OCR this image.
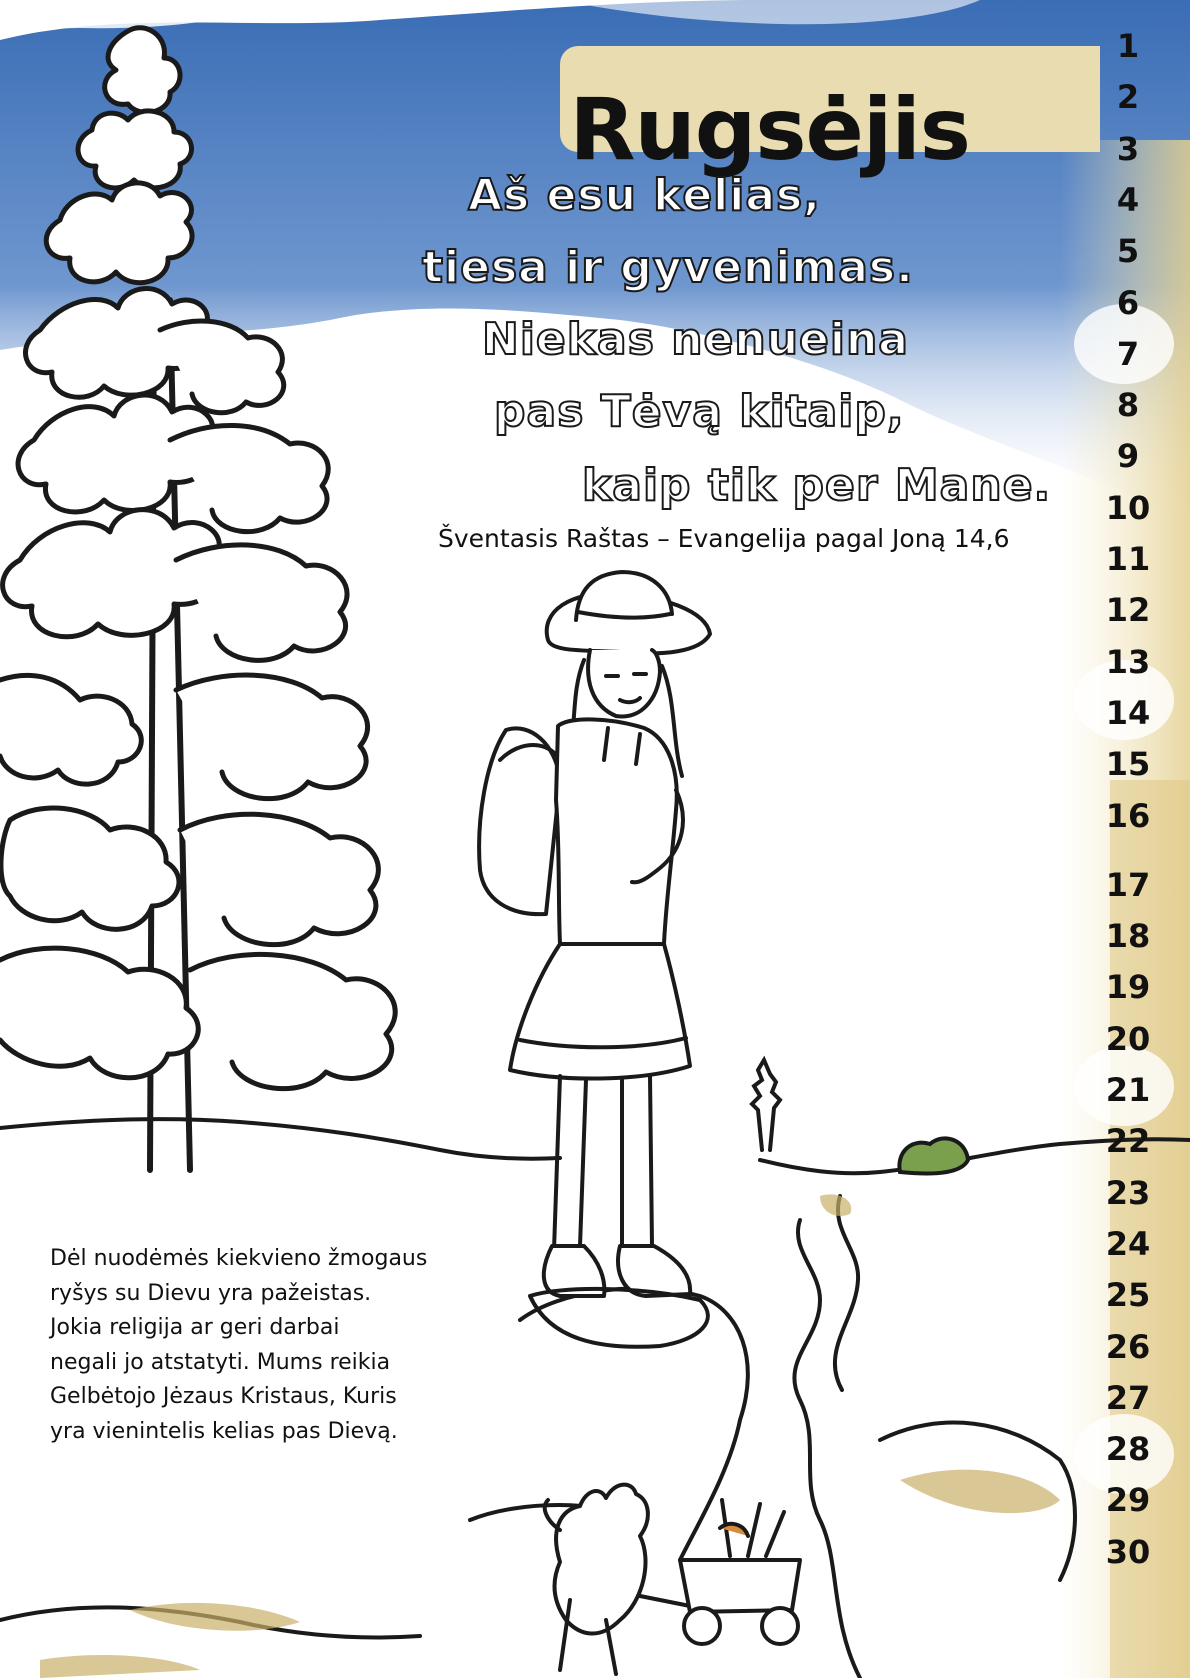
Rugsėjis
Aš esu kelias,
tiesa ir gyvenimas.
Niekas nenueina
pas Tėvą kitaip,
kaip tik per Mane.
Šventasis Raštas – Evangelija pagal Joną 14,6

Dėl nuodėmės kiekvieno žmogaus
ryšys su Dievu yra pažeistas.
Jokia religija ar geri darbai
negali jo atstatyti. Mums reikia
Gelbėtojo Jėzaus Kristaus, Kuris
yra vienintelis kelias pas Dievą.

1
2
3
4
5
6
7
8
9
10
11
12
13
14
15
16
17
18
19
20
21
22
23
24
25
26
27
28
29
30
